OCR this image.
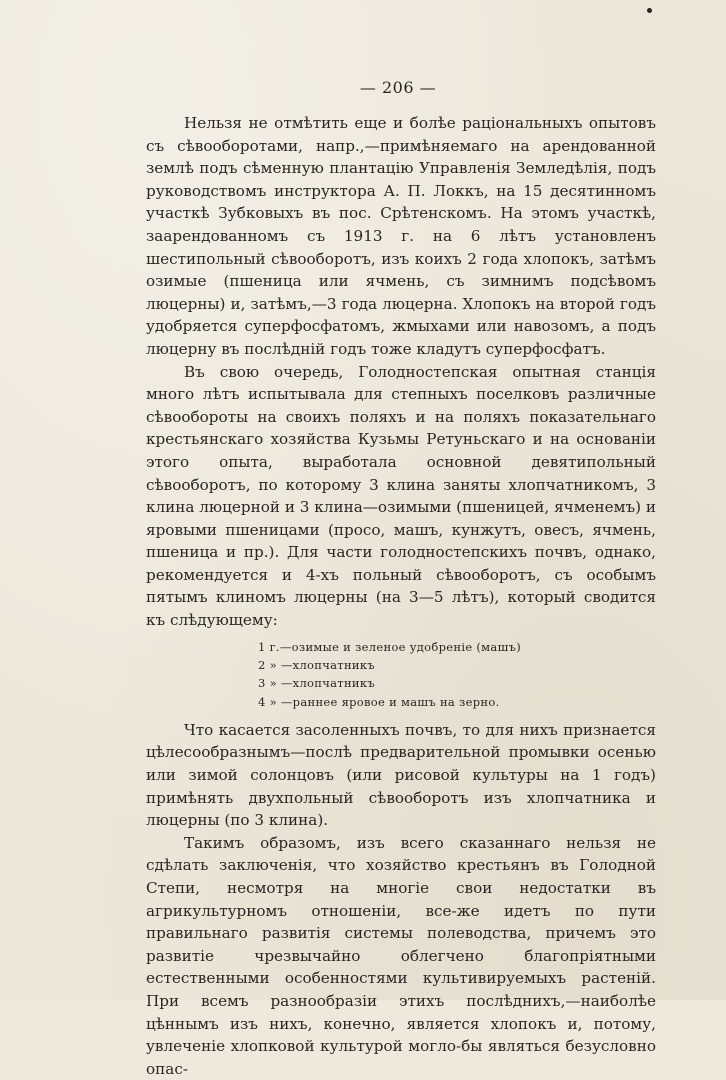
— 206 —

Нельзя не отмѣтить еще и болѣе раціональныхъ опытовъ съ сѣвооборотами, напр.,—примѣняемаго на арендованной землѣ подъ сѣменную плантацію Управленія Земледѣлія, подъ руководствомъ инструктора А. П. Локкъ, на 15 десятинномъ участкѣ Зубковыхъ въ пос. Срѣтенскомъ. На этомъ участкѣ, заарендованномъ съ 1913 г. на 6 лѣтъ установленъ шестипольный сѣвооборотъ, изъ коихъ 2 года хлопокъ, затѣмъ озимые (пшеница или ячмень, съ зимнимъ подсѣвомъ люцерны) и, затѣмъ,—3 года люцерна. Хлопокъ на второй годъ удобряется суперфосфатомъ, жмыхами или навозомъ, а подъ люцерну въ послѣдній годъ тоже кладутъ суперфосфатъ.

Въ свою очередь, Голодностепская опытная станція много лѣтъ испытывала для степныхъ поселковъ различные сѣвообороты на своихъ поляхъ и на поляхъ показательнаго крестьянскаго хозяйства Кузьмы Ретуньскаго и на основаніи этого опыта, выработала основной девятипольный сѣвооборотъ, по которому 3 клина заняты хлопчатникомъ, 3 клина люцерной и 3 клина—озимыми (пшеницей, ячменемъ) и яровыми пшеницами (просо, машъ, кунжутъ, овесъ, ячмень, пшеница и пр.). Для части голодностепскихъ почвъ, однако, рекомендуется и 4-хъ польный сѣвооборотъ, съ особымъ пятымъ клиномъ люцерны (на 3—5 лѣтъ), который сводится къ слѣдующему:

1 г.—озимые и зеленое удобреніе (машъ)
2 » —хлопчатникъ
3 » —хлопчатникъ
4 » —раннее яровое и машъ на зерно.

Что касается засоленныхъ почвъ, то для нихъ признается цѣлесообразнымъ—послѣ предварительной промывки осенью или зимой солонцовъ (или рисовой культуры на 1 годъ) примѣнять двухпольный сѣвооборотъ изъ хлопчатника и люцерны (по 3 клина).

Такимъ образомъ, изъ всего сказаннаго нельзя не сдѣлать заключенія, что хозяйство крестьянъ въ Голодной Степи, несмотря на многіе свои недостатки въ агрикультурномъ отношеніи, все-же идетъ по пути правильнаго развитія системы полеводства, причемъ это развитіе чрезвычайно облегчено благопріятными естественными особенностями культивируемыхъ растеній. При всемъ разнообразіи этихъ послѣднихъ,—наиболѣе цѣннымъ изъ нихъ, конечно, является хлопокъ и, потому, увлеченіе хлопковой культурой могло-бы являться безусловно опас-
